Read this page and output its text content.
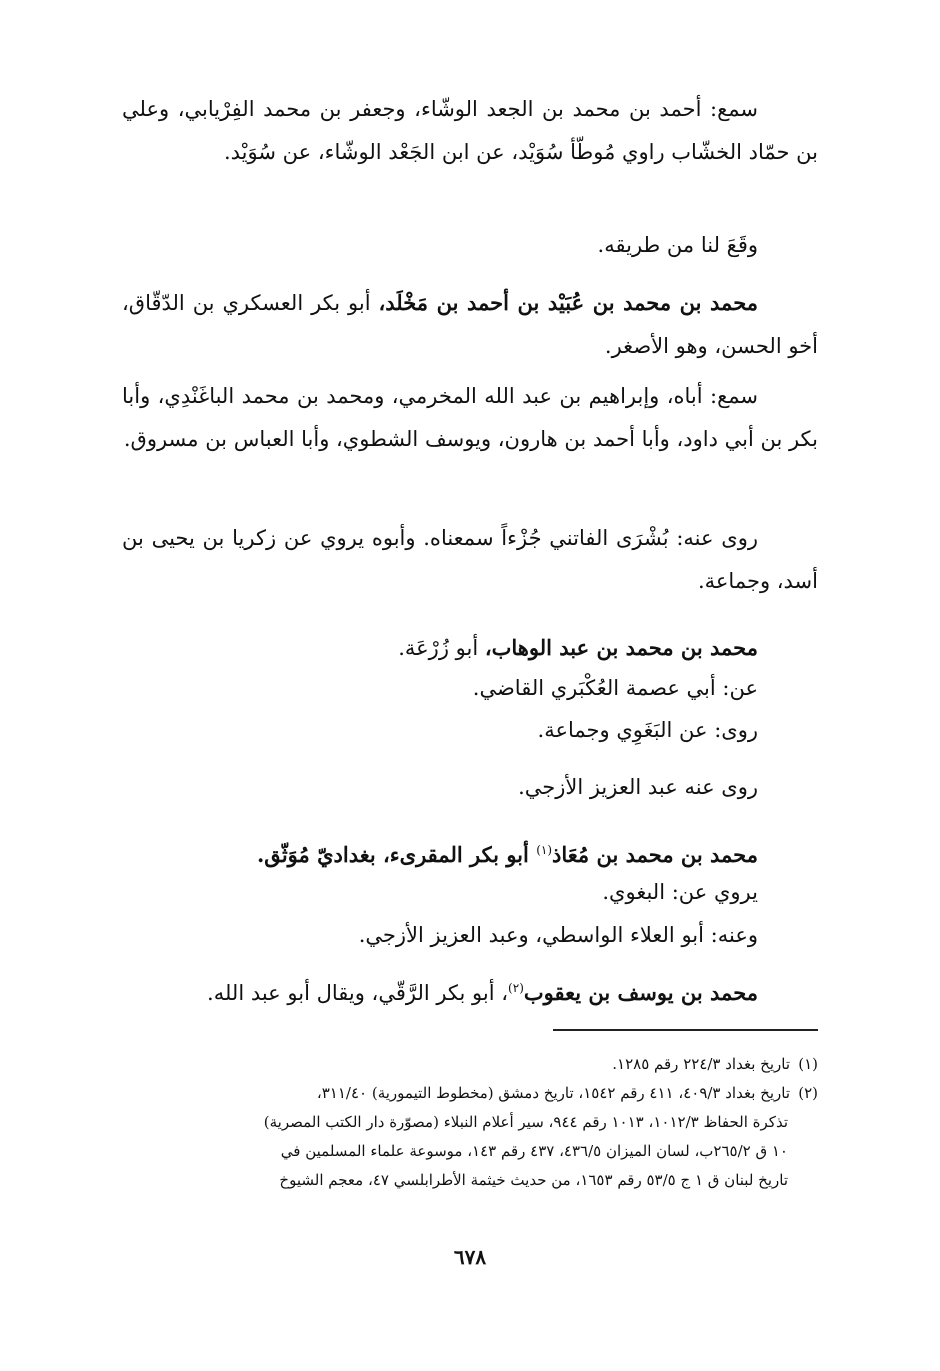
سمع: أحمد بن محمد بن الجعد الوشّاء، وجعفر بن محمد الفِرْيابي، وعلي بن حمّاد الخشّاب راوي مُوطّأ سُوَيْد، عن ابن الجَعْد الوشّاء، عن سُوَيْد.

وقَعَ لنا من طريقه.

محمد بن محمد بن عُبَيْد بن أحمد بن مَخْلَد، أبو بكر العسكري بن الدّقّاق، أخو الحسن، وهو الأصغر.

سمع: أباه، وإبراهيم بن عبد الله المخرمي، ومحمد بن محمد الباغَنْدِي، وأبا بكر بن أبي داود، وأبا أحمد بن هارون، ويوسف الشطوي، وأبا العباس بن مسروق.

روى عنه: بُشْرَى الفاتني جُزْءاً سمعناه. وأبوه يروي عن زكريا بن يحيى بن أسد، وجماعة.

محمد بن محمد بن عبد الوهاب، أبو زُرْعَة.
عن: أبي عصمة العُكْبَري القاضي.
روى: عن البَغَوِي وجماعة.
روى عنه عبد العزيز الأزجي.
محمد بن محمد بن مُعَاذ$^{(١)}$ أبو بكر المقرىء، بغداديّ مُوَثّق.
يروي عن: البغوي.
وعنه: أبو العلاء الواسطي، وعبد العزيز الأزجي.
محمد بن يوسف بن يعقوب$^{(٢)}$، أبو بكر الرَّقّي، ويقال أبو عبد الله.

(١)تاريخ بغداد ٢٢٤/٣ رقم ١٢٨٥.

(٢)تاريخ بغداد ٤٠٩/٣، ٤١١ رقم ١٥٤٢، تاريخ دمشق (مخطوط التيمورية) ٣١١/٤٠،

تذكرة الحفاظ ١٠١٢/٣، ١٠١٣ رقم ٩٤٤، سير أعلام النبلاء (مصوّرة دار الكتب المصرية)

١٠ ق ٢٦٥/٢ب، لسان الميزان ٤٣٦/٥، ٤٣٧ رقم ١٤٣، موسوعة علماء المسلمين في

تاريخ لبنان ق ١ ج ٥٣/٥ رقم ١٦٥٣، من حديث خيثمة الأطرابلسي ٤٧، معجم الشيوخ

٦٧٨
